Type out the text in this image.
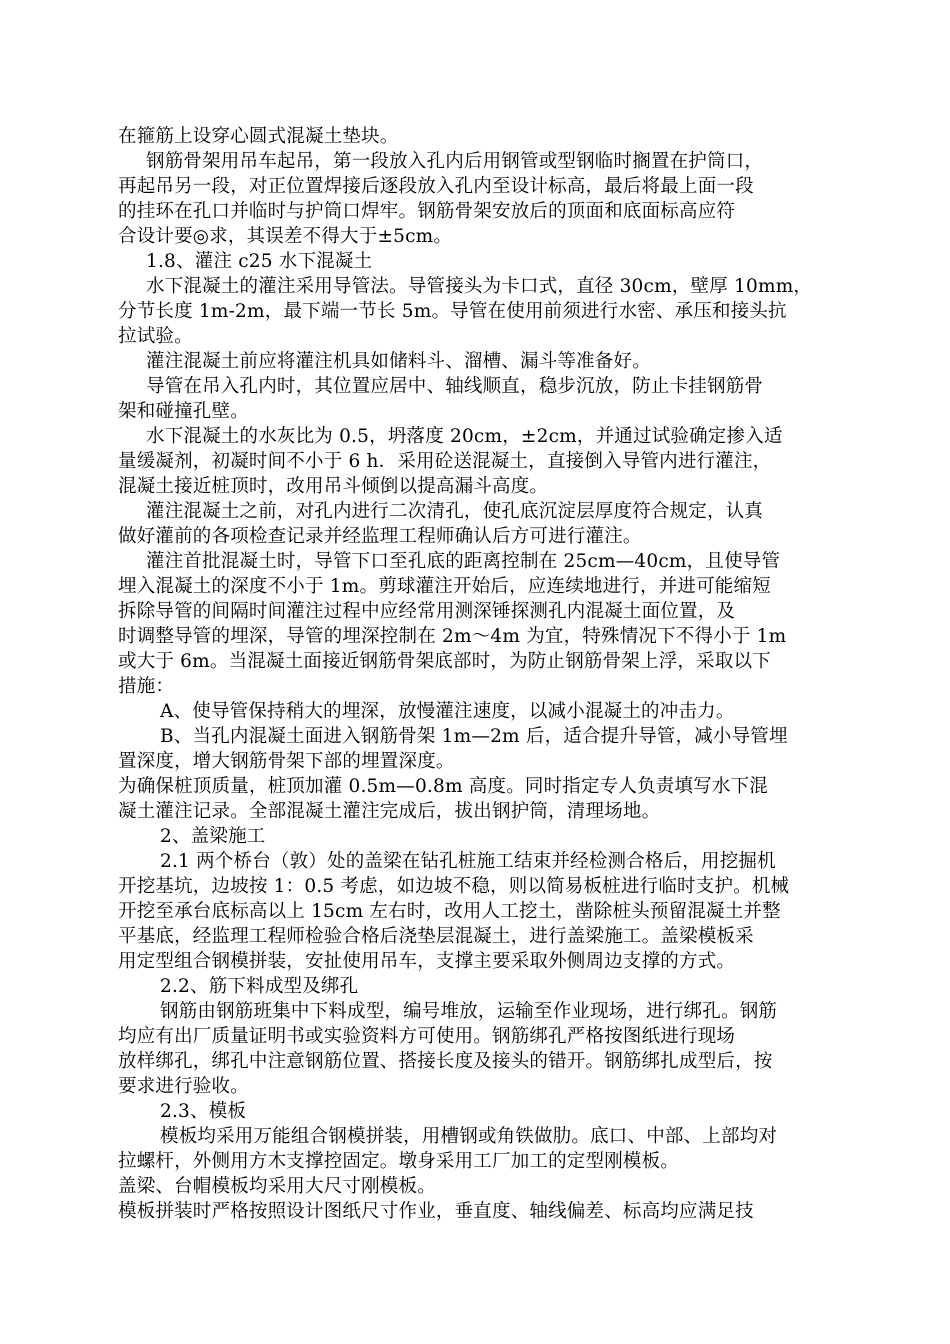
在箍筋上设穿心圆式混凝土垫块。
钢筋骨架用吊车起吊，第一段放入孔内后用钢管或型钢临时搁置在护筒口，
再起吊另一段，对正位置焊接后逐段放入孔内至设计标高，最后将最上面一段
的挂环在孔口并临时与护筒口焊牢。钢筋骨架安放后的顶面和底面标高应符
合设计要◎求，其误差不得大于±5cm。
1.8、灌注 c25 水下混凝土
水下混凝土的灌注采用导管法。导管接头为卡口式，直径 30cm，壁厚 10mm，
分节长度 1m-2m，最下端一节长 5m。导管在使用前须进行水密、承压和接头抗
拉试验。
灌注混凝土前应将灌注机具如储料斗、溜槽、漏斗等准备好。
导管在吊入孔内时，其位置应居中、轴线顺直，稳步沉放，防止卡挂钢筋骨
架和碰撞孔壁。
水下混凝土的水灰比为 0.5，坍落度 20cm，±2cm，并通过试验确定掺入适
量缓凝剂，初凝时间不小于 6 h．采用砼送混凝土，直接倒入导管内进行灌注，
混凝土接近桩顶时，改用吊斗倾倒以提高漏斗高度。
灌注混凝土之前，对孔内进行二次清孔，使孔底沉淀层厚度符合规定，认真
做好灌前的各项检查记录并经监理工程师确认后方可进行灌注。
灌注首批混凝土时，导管下口至孔底的距离控制在 25cm—40cm，且使导管
埋入混凝土的深度不小于 1m。剪球灌注开始后，应连续地进行，并进可能缩短
拆除导管的间隔时间灌注过程中应经常用测深锤探测孔内混凝土面位置，及
时调整导管的埋深，导管的埋深控制在 2m～4m 为宜，特殊情况下不得小于 1m
或大于 6m。当混凝土面接近钢筋骨架底部时，为防止钢筋骨架上浮，采取以下
措施：
A、使导管保持稍大的埋深，放慢灌注速度，以减小混凝土的冲击力。
B、当孔内混凝土面进入钢筋骨架 1m—2m 后，适合提升导管，减小导管埋
置深度，增大钢筋骨架下部的埋置深度。
为确保桩顶质量，桩顶加灌 0.5m—0.8m 高度。同时指定专人负责填写水下混
凝土灌注记录。全部混凝土灌注完成后，拔出钢护筒，清理场地。
2、盖梁施工
2.1 两个桥台（敦）处的盖梁在钻孔桩施工结束并经检测合格后，用挖掘机
开挖基坑，边坡按 1：0.5 考虑，如边坡不稳，则以简易板桩进行临时支护。机械
开挖至承台底标高以上 15cm 左右时，改用人工挖土，凿除桩头预留混凝土并整
平基底，经监理工程师检验合格后浇垫层混凝土，进行盖梁施工。盖梁模板采
用定型组合钢模拼装，安扯使用吊车，支撑主要采取外侧周边支撑的方式。
2.2、筋下料成型及绑孔
钢筋由钢筋班集中下料成型，编号堆放，运输至作业现场，进行绑孔。钢筋
均应有出厂质量证明书或实验资料方可使用。钢筋绑孔严格按图纸进行现场
放样绑孔，绑孔中注意钢筋位置、搭接长度及接头的错开。钢筋绑扎成型后，按
要求进行验收。
2.3、模板
模板均采用万能组合钢模拼装，用槽钢或角铁做肋。底口、中部、上部均对
拉螺杆，外侧用方木支撑控固定。墩身采用工厂加工的定型刚模板。
盖梁、台帽模板均采用大尺寸刚模板。
模板拼装时严格按照设计图纸尺寸作业，垂直度、轴线偏差、标高均应满足技
